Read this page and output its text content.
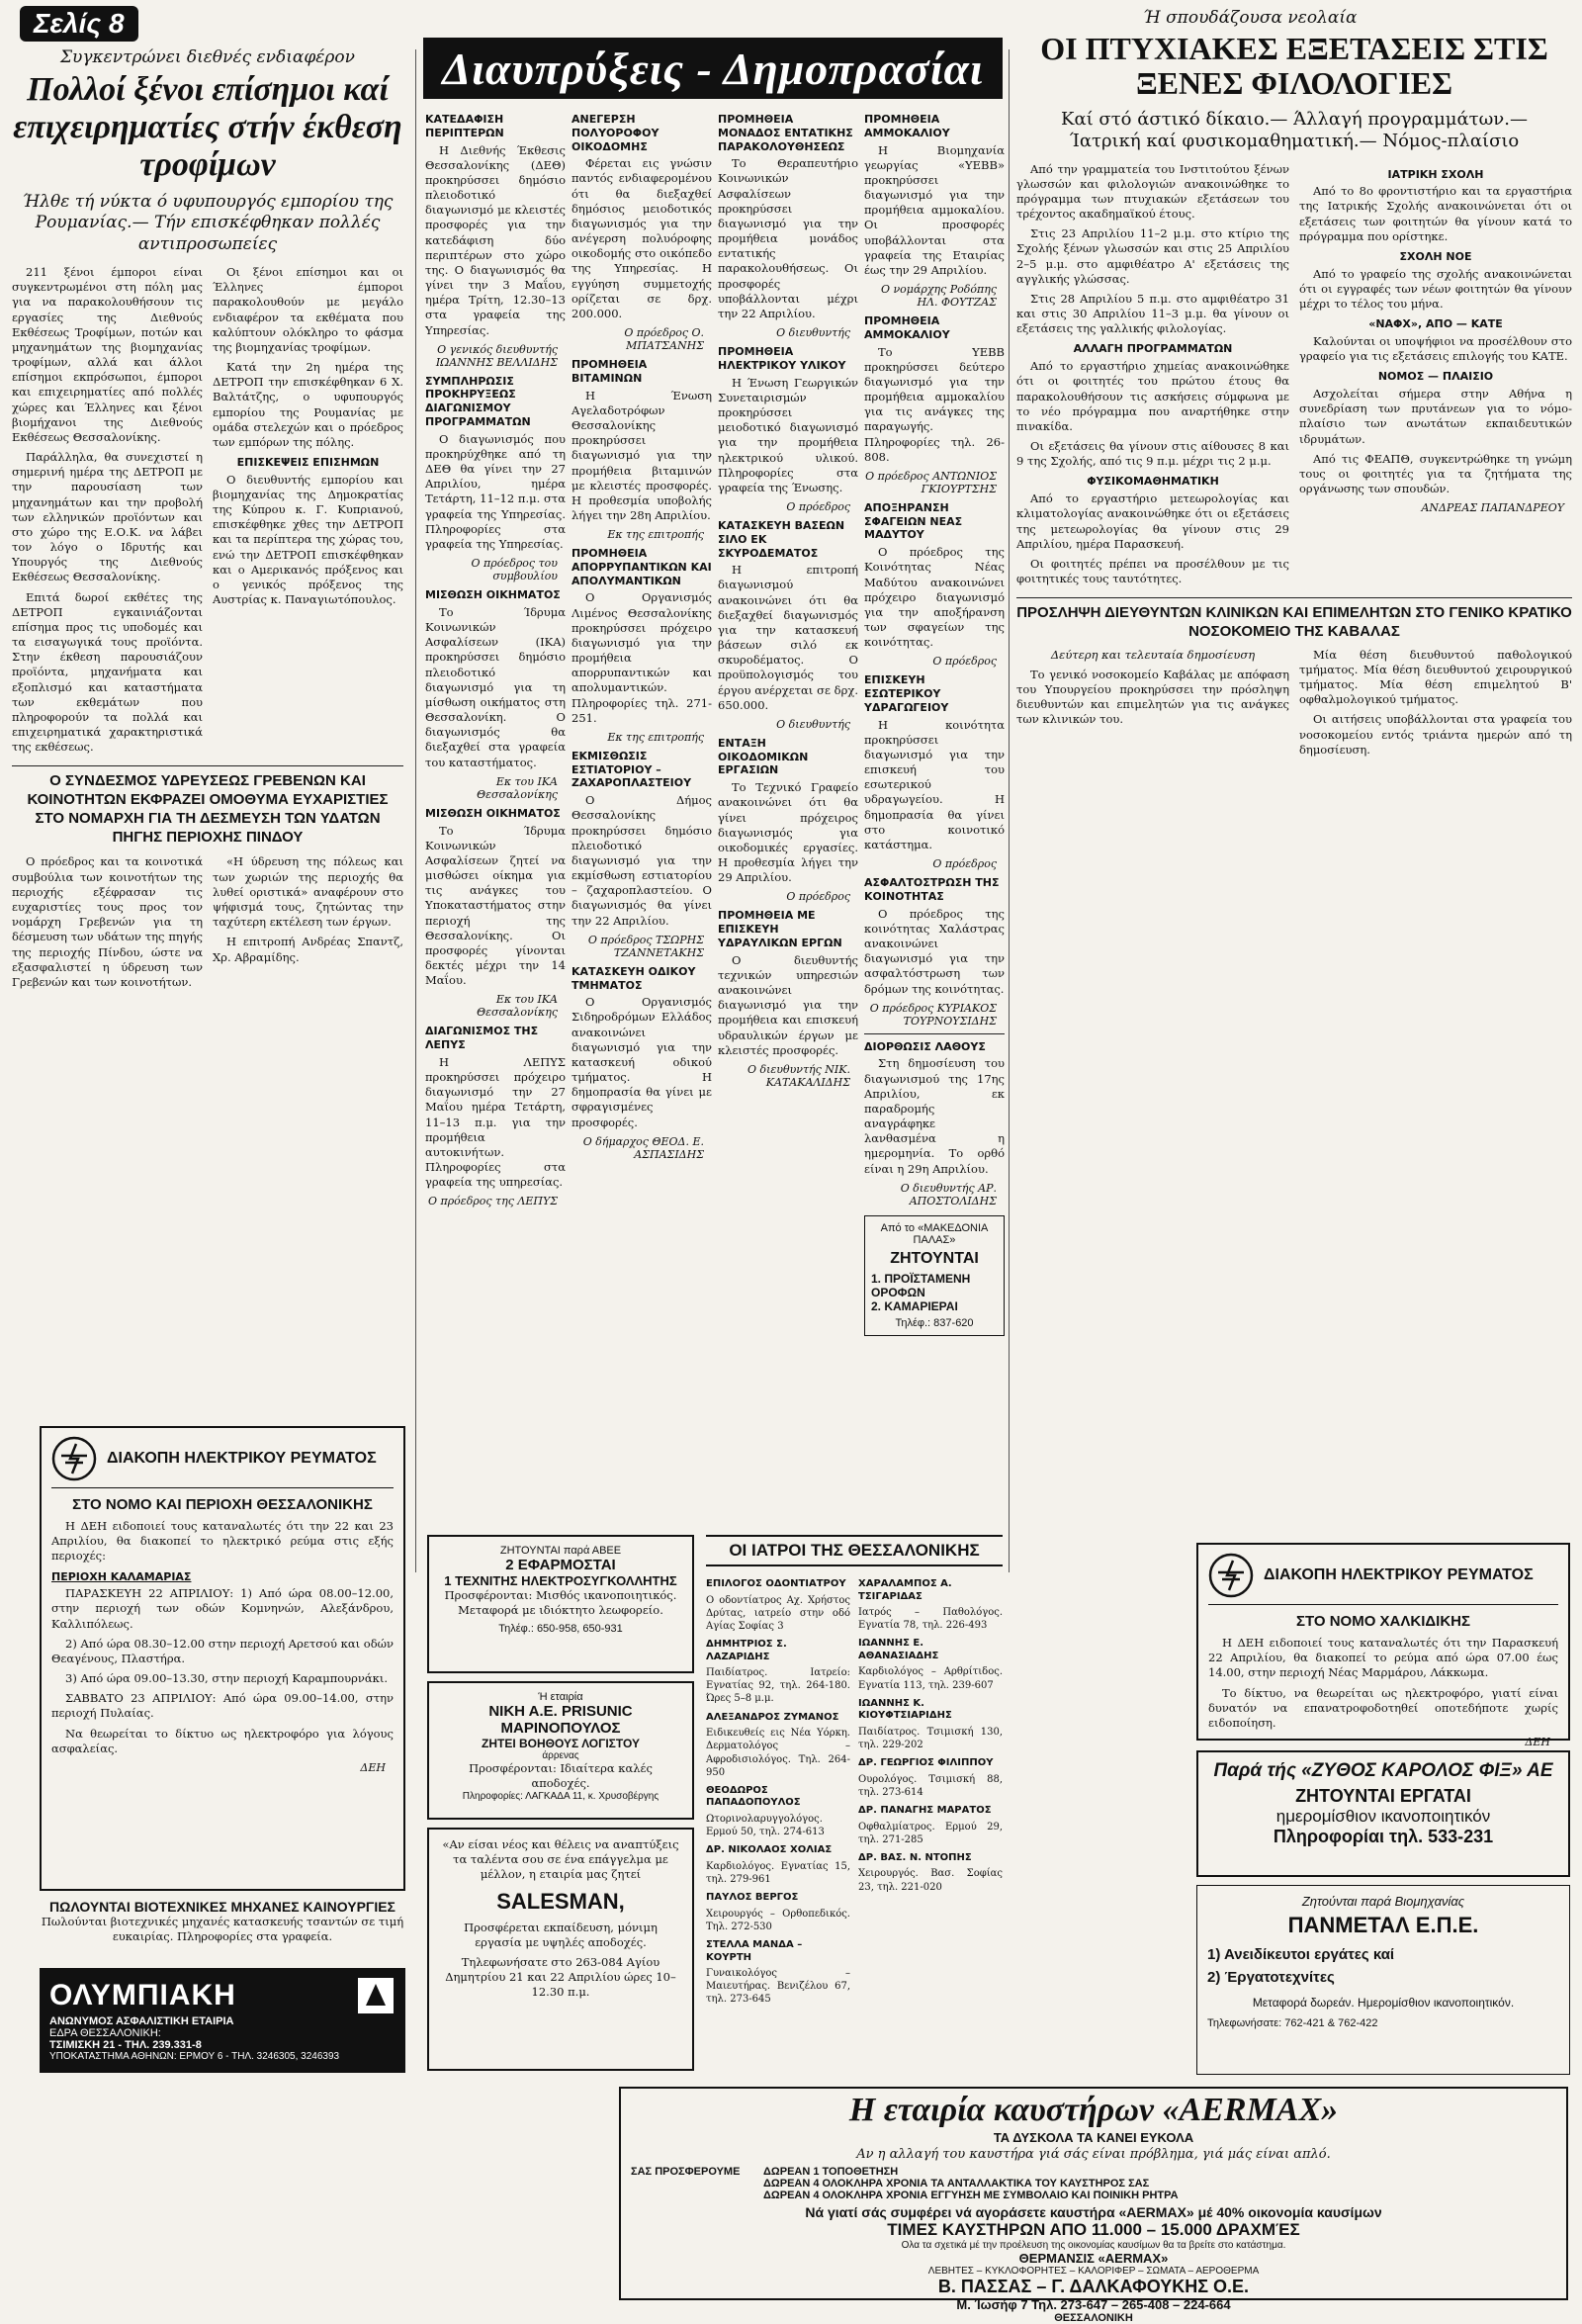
Σελίς 8
Συγκεντρώνει διεθνές ενδιαφέρον
Πολλοί ξένοι επίσημοι καί επιχειρηματίες στήν έκθεση τροφίμων
Ήλθε τή νύκτα ό υφυπουργός εμπορίου της Ρουμανίας.— Τήν επισκέφθηκαν πολλές αντιπροσωπείες

211 ξένοι έμποροι είναι συγκεντρωμένοι στη πόλη μας για να παρακολουθήσουν τις εργασίες της Διεθνούς Εκθέσεως Τροφίμων, ποτών και μηχανημάτων της βιομηχανίας τροφίμων, αλλά και άλλοι επίσημοι εκπρόσωποι, έμποροι και επιχειρηματίες από πολλές χώρες και Έλληνες και ξένοι βιομήχανοι της Διεθνούς Εκθέσεως Θεσσαλονίκης.

Παράλληλα, θα συνεχιστεί η σημερινή ημέρα της ΔΕΤΡΟΠ με την παρουσίαση των μηχανημάτων και την προβολή των ελληνικών προϊόντων και στο χώρο της Ε.Ο.Κ. να λάβει τον λόγο ο Ιδρυτής και Υπουργός της Διεθνούς Εκθέσεως Θεσσαλονίκης.

Επιτά δωροί εκθέτες της ΔΕΤΡΟΠ εγκαινιάζονται επίσημα προς τις υποδομές και τα εισαγωγικά τους προϊόντα. Στην έκθεση παρουσιάζουν προϊόντα, μηχανήματα και εξοπλισμό και καταστήματα των εκθεμάτων που πληροφορούν τα πολλά και επιχειρηματικά χαρακτηριστικά της εκθέσεως.

Οι ξένοι επίσημοι και οι Έλληνες έμποροι παρακολουθούν με μεγάλο ενδιαφέρον τα εκθέματα που καλύπτουν ολόκληρο το φάσμα της βιομηχανίας τροφίμων.

Κατά την 2η ημέρα της ΔΕΤΡΟΠ την επισκέφθηκαν 6 Χ. Βαλτάτζης, ο υφυπουργός εμπορίου της Ρουμανίας με ομάδα στελεχών και ο πρόεδρος των εμπόρων της πόλης.

ΕΠΙΣΚΕΨΕΙΣ ΕΠΙΣΗΜΩΝ

Ο διευθυντής εμπορίου και βιομηχανίας της Δημοκρατίας της Κύπρου κ. Γ. Κυπριανού, επισκέφθηκε χθες την ΔΕΤΡΟΠ και τα περίπτερα της χώρας του, ενώ την ΔΕΤΡΟΠ επισκέφθηκαν και ο Αμερικανός πρόξενος και ο γενικός πρόξενος της Αυστρίας κ. Παναγιωτόπουλος.

Ο ΣΥΝΔΕΣΜΟΣ ΥΔΡΕΥΣΕΩΣ ΓΡΕΒΕΝΩΝ ΚΑΙ ΚΟΙΝΟΤΗΤΩΝ ΕΚΦΡΑΖΕΙ ΟΜΟΘΥΜΑ ΕΥΧΑΡΙΣΤΙΕΣ ΣΤΟ ΝΟΜΑΡΧΗ ΓΙΑ ΤΗ ΔΕΣΜΕΥΣΗ ΤΩΝ ΥΔΑΤΩΝ ΠΗΓΗΣ ΠΕΡΙΟΧΗΣ ΠΙΝΔΟΥ

Ο πρόεδρος και τα κοινοτικά συμβούλια των κοινοτήτων της περιοχής εξέφρασαν τις ευχαριστίες τους προς τον νομάρχη Γρεβενών για τη δέσμευση των υδάτων της πηγής της περιοχής Πίνδου, ώστε να εξασφαλιστεί η ύδρευση των Γρεβενών και των κοινοτήτων.

«Η ύδρευση της πόλεως και των χωριών της περιοχής θα λυθεί οριστικά» αναφέρουν στο ψήφισμά τους, ζητώντας την ταχύτερη εκτέλεση των έργων.

Η επιτροπή Ανδρέας Σπαντζ, Χρ. Αβραμίδης.

Διαυπρύξεις - Δημοπρασίαι
ΚΑΤΕΔΑΦΙΣΗ ΠΕΡΙΠΤΕΡΩΝ

Η Διεθνής Έκθεσις Θεσσαλονίκης (ΔΕΘ) προκηρύσσει δημόσιο πλειοδοτικό διαγωνισμό με κλειστές προσφορές για την κατεδάφιση δύο περιπτέρων στο χώρο της. Ο διαγωνισμός θα γίνει την 3 Μαΐου, ημέρα Τρίτη, 12.30–13 στα γραφεία της Υπηρεσίας.

Ο γενικός διευθυντής ΙΩΑΝΝΗΣ ΒΕΛΛΙΔΗΣ
ΣΥΜΠΛΗΡΩΣΙΣ ΠΡΟΚΗΡΥΞΕΩΣ ΔΙΑΓΩΝΙΣΜΟΥ ΠΡΟΓΡΑΜΜΑΤΩΝ

Ο διαγωνισμός που προκηρύχθηκε από τη ΔΕΘ θα γίνει την 27 Απριλίου, ημέρα Τετάρτη, 11–12 π.μ. στα γραφεία της Υπηρεσίας. Πληροφορίες στα γραφεία της Υπηρεσίας.

Ο πρόεδρος του συμβουλίου
ΜΙΣΘΩΣΗ ΟΙΚΗΜΑΤΟΣ

Το Ίδρυμα Κοινωνικών Ασφαλίσεων (ΙΚΑ) προκηρύσσει δημόσιο πλειοδοτικό διαγωνισμό για τη μίσθωση οικήματος στη Θεσσαλονίκη. Ο διαγωνισμός θα διεξαχθεί στα γραφεία του καταστήματος.

Εκ του ΙΚΑ Θεσσαλονίκης
ΜΙΣΘΩΣΗ ΟΙΚΗΜΑΤΟΣ

Το Ίδρυμα Κοινωνικών Ασφαλίσεων ζητεί να μισθώσει οίκημα για τις ανάγκες του Υποκαταστήματος στην περιοχή της Θεσσαλονίκης. Οι προσφορές γίνονται δεκτές μέχρι την 14 Μαΐου.

Εκ του ΙΚΑ Θεσσαλονίκης
ΔΙΑΓΩΝΙΣΜΟΣ ΤΗΣ ΛΕΠΥΣ

Η ΛΕΠΥΣ προκηρύσσει πρόχειρο διαγωνισμό την 27 Μαΐου ημέρα Τετάρτη, 11–13 π.μ. για την προμήθεια αυτοκινήτων. Πληροφορίες στα γραφεία της υπηρεσίας.

Ο πρόεδρος της ΛΕΠΥΣ
ΑΝΕΓΕΡΣΗ ΠΟΛΥΟΡΟΦΟΥ ΟΙΚΟΔΟΜΗΣ

Φέρεται εις γνώσιν παντός ενδιαφερομένου ότι θα διεξαχθεί δημόσιος μειοδοτικός διαγωνισμός για την ανέγερση πολυόροφης οικοδομής στο οικόπεδο της Υπηρεσίας. Η εγγύηση συμμετοχής ορίζεται σε δρχ. 200.000.

Ο πρόεδρος Ο. ΜΠΑΤΣΑΝΗΣ
ΠΡΟΜΗΘΕΙΑ ΒΙΤΑΜΙΝΩΝ

Η Ένωση Αγελαδοτρόφων Θεσσαλονίκης προκηρύσσει διαγωνισμό για την προμήθεια βιταμινών με κλειστές προσφορές. Η προθεσμία υποβολής λήγει την 28η Απριλίου.

Εκ της επιτροπής
ΠΡΟΜΗΘΕΙΑ ΑΠΟΡΡΥΠΑΝΤΙΚΩΝ ΚΑΙ ΑΠΟΛΥΜΑΝΤΙΚΩΝ

Ο Οργανισμός Λιμένος Θεσσαλονίκης προκηρύσσει πρόχειρο διαγωνισμό για την προμήθεια απορρυπαντικών και απολυμαντικών. Πληροφορίες τηλ. 271-251.

Εκ της επιτροπής
ΕΚΜΙΣΘΩΣΙΣ ΕΣΤΙΑΤΟΡΙΟΥ – ΖΑΧΑΡΟΠΛΑΣΤΕΙΟΥ

Ο Δήμος Θεσσαλονίκης προκηρύσσει δημόσιο πλειοδοτικό διαγωνισμό για την εκμίσθωση εστιατορίου – ζαχαροπλαστείου. Ο διαγωνισμός θα γίνει την 22 Απριλίου.

Ο πρόεδρος ΤΣΩΡΗΣ ΤΖΑΝΝΕΤΑΚΗΣ
ΚΑΤΑΣΚΕΥΗ ΟΔΙΚΟΥ ΤΜΗΜΑΤΟΣ

Ο Οργανισμός Σιδηροδρόμων Ελλάδος ανακοινώνει διαγωνισμό για την κατασκευή οδικού τμήματος. Η δημοπρασία θα γίνει με σφραγισμένες προσφορές.

Ο δήμαρχος ΘΕΟΔ. Ε. ΑΣΠΑΣΙΔΗΣ
ΠΡΟΜΗΘΕΙΑ ΜΟΝΑΔΟΣ ΕΝΤΑΤΙΚΗΣ ΠΑΡΑΚΟΛΟΥΘΗΣΕΩΣ

Το Θεραπευτήριο Κοινωνικών Ασφαλίσεων προκηρύσσει διαγωνισμό για την προμήθεια μονάδος εντατικής παρακολουθήσεως. Οι προσφορές υποβάλλονται μέχρι την 22 Απριλίου.

Ο διευθυντής
ΠΡΟΜΗΘΕΙΑ ΗΛΕΚΤΡΙΚΟΥ ΥΛΙΚΟΥ

Η Ένωση Γεωργικών Συνεταιρισμών προκηρύσσει μειοδοτικό διαγωνισμό για την προμήθεια ηλεκτρικού υλικού. Πληροφορίες στα γραφεία της Ένωσης.

Ο πρόεδρος
ΚΑΤΑΣΚΕΥΗ ΒΑΣΕΩΝ ΣΙΛΟ ΕΚ ΣΚΥΡΟΔΕΜΑΤΟΣ

Η επιτροπή διαγωνισμού ανακοινώνει ότι θα διεξαχθεί διαγωνισμός για την κατασκευή βάσεων σιλό εκ σκυροδέματος. Ο προϋπολογισμός του έργου ανέρχεται σε δρχ. 650.000.

Ο διευθυντής
ΕΝΤΑΞΗ ΟΙΚΟΔΟΜΙΚΩΝ ΕΡΓΑΣΙΩΝ

Το Τεχνικό Γραφείο ανακοινώνει ότι θα γίνει πρόχειρος διαγωνισμός για οικοδομικές εργασίες. Η προθεσμία λήγει την 29 Απριλίου.

Ο πρόεδρος
ΠΡΟΜΗΘΕΙΑ ΜΕ ΕΠΙΣΚΕΥΗ ΥΔΡΑΥΛΙΚΩΝ ΕΡΓΩΝ

Ο διευθυντής τεχνικών υπηρεσιών ανακοινώνει διαγωνισμό για την προμήθεια και επισκευή υδραυλικών έργων με κλειστές προσφορές.

Ο διευθυντής ΝΙΚ. ΚΑΤΑΚΑΛΙΔΗΣ
ΠΡΟΜΗΘΕΙΑ ΑΜΜΟΚΑΛΙΟΥ

Η Βιομηχανία γεωργίας «ΥΕΒΒ» προκηρύσσει διαγωνισμό για την προμήθεια αμμοκαλίου. Οι προσφορές υποβάλλονται στα γραφεία της Εταιρίας έως την 29 Απριλίου.

Ο νομάρχης Ροδόπης ΗΛ. ΦΟΥΤΖΑΣ
ΠΡΟΜΗΘΕΙΑ ΑΜΜΟΚΑΛΙΟΥ

Το ΥΕΒΒ προκηρύσσει δεύτερο διαγωνισμό για την προμήθεια αμμοκαλίου για τις ανάγκες της παραγωγής. Πληροφορίες τηλ. 26-808.

Ο πρόεδρος ΑΝΤΩΝΙΟΣ ΓΚΙΟΥΡΤΣΗΣ
ΑΠΟΞΗΡΑΝΣΗ ΣΦΑΓΕΙΩΝ ΝΕΑΣ ΜΑΔΥΤΟΥ

Ο πρόεδρος της Κοινότητας Νέας Μαδύτου ανακοινώνει πρόχειρο διαγωνισμό για την αποξήρανση των σφαγείων της κοινότητας.

Ο πρόεδρος
ΕΠΙΣΚΕΥΗ ΕΣΩΤΕΡΙΚΟΥ ΥΔΡΑΓΩΓΕΙΟΥ

Η κοινότητα προκηρύσσει διαγωνισμό για την επισκευή του εσωτερικού υδραγωγείου. Η δημοπρασία θα γίνει στο κοινοτικό κατάστημα.

Ο πρόεδρος
ΑΣΦΑΛΤΟΣΤΡΩΣΗ ΤΗΣ ΚΟΙΝΟΤΗΤΑΣ

Ο πρόεδρος της κοινότητας Χαλάστρας ανακοινώνει διαγωνισμό για την ασφαλτόστρωση των δρόμων της κοινότητας.

Ο πρόεδρος ΚΥΡΙΑΚΟΣ ΤΟΥΡΝΟΥΣΙΔΗΣ
ΔΙΟΡΘΩΣΙΣ ΛΑΘΟΥΣ

Στη δημοσίευση του διαγωνισμού της 17ης Απριλίου, εκ παραδρομής αναγράφηκε λανθασμένα η ημερομηνία. Το ορθό είναι η 29η Απριλίου.

Ο διευθυντής ΑΡ. ΑΠΟΣΤΟΛΙΔΗΣ
Από το «ΜΑΚΕΔΟΝΙΑ ΠΑΛΑΣ»
ΖΗΤΟΥΝΤΑΙ
1. ΠΡΟΪΣΤΑΜΕΝΗ ΟΡΟΦΩΝ
2. ΚΑΜΑΡΙΕΡΑΙ
Τηλέφ.: 837-620
Ή σπουδάζουσα νεολαία
ΟΙ ΠΤΥΧΙΑΚΕΣ ΕΞΕΤΑΣΕΙΣ ΣΤΙΣ ΞΕΝΕΣ ΦΙΛΟΛΟΓΙΕΣ
Καί στό άστικό δίκαιο.— Άλλαγή προγραμμάτων.— Ίατρική καί φυσικομαθηματική.— Νόμος-πλαίσιο

Από την γραμματεία του Ινστιτούτου ξένων γλωσσών και φιλολογιών ανακοινώθηκε το πρόγραμμα των πτυχιακών εξετάσεων του τρέχοντος ακαδημαϊκού έτους.

Στις 23 Απριλίου 11–2 μ.μ. στο κτίριο της Σχολής ξένων γλωσσών και στις 25 Απριλίου 2–5 μ.μ. στο αμφιθέατρο Α' εξετάσεις της αγγλικής γλώσσας.

Στις 28 Απριλίου 5 π.μ. στο αμφιθέατρο 31 και στις 30 Απριλίου 11–3 μ.μ. θα γίνουν οι εξετάσεις της γαλλικής φιλολογίας.

ΑΛΛΑΓΗ ΠΡΟΓΡΑΜΜΑΤΩΝ

Από το εργαστήριο χημείας ανακοινώθηκε ότι οι φοιτητές του πρώτου έτους θα παρακολουθήσουν τις ασκήσεις σύμφωνα με το νέο πρόγραμμα που αναρτήθηκε στην πινακίδα.

Οι εξετάσεις θα γίνουν στις αίθουσες 8 και 9 της Σχολής, από τις 9 π.μ. μέχρι τις 2 μ.μ.

ΦΥΣΙΚΟΜΑΘΗΜΑΤΙΚΗ

Από το εργαστήριο μετεωρολογίας και κλιματολογίας ανακοινώθηκε ότι οι εξετάσεις της μετεωρολογίας θα γίνουν στις 29 Απριλίου, ημέρα Παρασκευή.

Οι φοιτητές πρέπει να προσέλθουν με τις φοιτητικές τους ταυτότητες.

ΙΑΤΡΙΚΗ ΣΧΟΛΗ

Από το 8ο φροντιστήριο και τα εργαστήρια της Ιατρικής Σχολής ανακοινώνεται ότι οι εξετάσεις των φοιτητών θα γίνουν κατά το πρόγραμμα που ορίστηκε.

ΣΧΟΛΗ ΝΟΕ

Από το γραφείο της σχολής ανακοινώνεται ότι οι εγγραφές των νέων φοιτητών θα γίνουν μέχρι το τέλος του μήνα.

«ΝΑΦΧ», ΑΠΟ — ΚΑΤΕ

Καλούνται οι υποψήφιοι να προσέλθουν στο γραφείο για τις εξετάσεις επιλογής του ΚΑΤΕ.

ΝΟΜΟΣ — ΠΛΑΙΣΙΟ

Ασχολείται σήμερα στην Αθήνα η συνεδρίαση των πρυτάνεων για το νόμο-πλαίσιο των ανωτάτων εκπαιδευτικών ιδρυμάτων.

Από τις ΦΕΑΠΘ, συγκεντρώθηκε τη γνώμη τους οι φοιτητές για τα ζητήματα της οργάνωσης των σπουδών.

ΑΝΔΡΕΑΣ ΠΑΠΑΝΔΡΕΟΥ
ΠΡΟΣΛΗΨΗ ΔΙΕΥΘΥΝΤΩΝ ΚΛΙΝΙΚΩΝ ΚΑΙ ΕΠΙΜΕΛΗΤΩΝ ΣΤΟ ΓΕΝΙΚΟ ΚΡΑΤΙΚΟ ΝΟΣΟΚΟΜΕΙΟ ΤΗΣ ΚΑΒΑΛΑΣ

Δεύτερη και τελευταία δημοσίευση

Το γενικό νοσοκομείο Καβάλας με απόφαση του Υπουργείου προκηρύσσει την πρόσληψη διευθυντών και επιμελητών για τις ανάγκες των κλινικών του.

Μία θέση διευθυντού παθολογικού τμήματος. Μία θέση διευθυντού χειρουργικού τμήματος. Μία θέση επιμελητού Β' οφθαλμολογικού τμήματος.

Οι αιτήσεις υποβάλλονται στα γραφεία του νοσοκομείου εντός τριάντα ημερών από τη δημοσίευση.

ΔΙΑΚΟΠΗ ΗΛΕΚΤΡΙΚΟΥ ΡΕΥΜΑΤΟΣ
ΣΤΟ ΝΟΜΟ ΚΑΙ ΠΕΡΙΟΧΗ ΘΕΣΣΑΛΟΝΙΚΗΣ

Η ΔΕΗ ειδοποιεί τους καταναλωτές ότι την 22 και 23 Απριλίου, θα διακοπεί το ηλεκτρικό ρεύμα στις εξής περιοχές:

ΠΕΡΙΟΧΗ ΚΑΛΑΜΑΡΙΑΣ

ΠΑΡΑΣΚΕΥΗ 22 ΑΠΡΙΛΙΟΥ: 1) Από ώρα 08.00–12.00, στην περιοχή των οδών Κομνηνών, Αλεξάνδρου, Καλλιπόλεως.

2) Από ώρα 08.30–12.00 στην περιοχή Αρετσού και οδών Θεαγένους, Πλαστήρα.

3) Από ώρα 09.00–13.30, στην περιοχή Καραμπουρνάκι.

ΣΑΒΒΑΤΟ 23 ΑΠΡΙΛΙΟΥ: Από ώρα 09.00–14.00, στην περιοχή Πυλαίας.

Να θεωρείται το δίκτυο ως ηλεκτροφόρο για λόγους ασφαλείας.

ΔΕΗ
ΠΩΛΟΥΝΤΑΙ ΒΙΟΤΕΧΝΙΚΕΣ ΜΗΧΑΝΕΣ ΚΑΙΝΟΥΡΓΙΕΣ

Πωλούνται βιοτεχνικές μηχανές κατασκευής τσαντών σε τιμή ευκαιρίας. Πληροφορίες στα γραφεία.

ΟΛΥΜΠΙΑΚΗ
ΑΝΩΝΥΜΟΣ ΑΣΦΑΛΙΣΤΙΚΗ ΕΤΑΙΡΙΑ
ΕΔΡΑ ΘΕΣΣΑΛΟΝΙΚΗ:
ΤΣΙΜΙΣΚΗ 21 - ΤΗΛ. 239.331-8
ΥΠΟΚΑΤΑΣΤΗΜΑ ΑΘΗΝΩΝ: ΕΡΜΟΥ 6 - ΤΗΛ. 3246305, 3246393
ΖΗΤΟΥΝΤΑΙ παρά ΑΒΕΕ
2 ΕΦΑΡΜΟΣΤΑΙ
1 ΤΕΧΝΙΤΗΣ ΗΛΕΚΤΡΟΣΥΓΚΟΛΛΗΤΗΣ
Προσφέρονται: Μισθός ικανοποιητικός. Μεταφορά με ιδιόκτητο λεωφορείο.
Τηλέφ.: 650-958, 650-931
Ή εταιρία
ΝΙΚΗ Α.Ε. PRISUNIC
ΜΑΡΙΝΟΠΟΥΛΟΣ
ΖΗΤΕΙ ΒΟΗΘΟΥΣ ΛΟΓΙΣΤΟΥ
άρρενας
Προσφέρονται: Ιδιαίτερα καλές αποδοχές.
Πληροφορίες: ΛΑΓΚΑΔΑ 11, κ. Χρυσοβέργης

«Αν είσαι νέος και θέλεις να αναπτύξεις τα ταλέντα σου σε ένα επάγγελμα με μέλλον, η εταιρία μας ζητεί

SALESMAN,

Προσφέρεται εκπαίδευση, μόνιμη εργασία με υψηλές αποδοχές.

Τηλεφωνήσατε στο 263-084 Αγίου Δημητρίου 21 και 22 Απριλίου ώρες 10–12.30 π.μ.

ΟΙ ΙΑΤΡΟΙ ΤΗΣ ΘΕΣΣΑΛΟΝΙΚΗΣ
ΕΠΙΛΟΓΟΣ ΟΔΟΝΤΙΑΤΡΟΥ

Ο οδοντίατρος Αχ. Χρήστος Δρύτας, ιατρείο στην οδό Αγίας Σοφίας 3

ΔΗΜΗΤΡΙΟΣ Σ. ΛΑΖΑΡΙΔΗΣ

Παιδίατρος. Ιατρείο: Εγνατίας 92, τηλ. 264-180. Ώρες 5–8 μ.μ.

ΑΛΕΞΑΝΔΡΟΣ ΖΥΜΑΝΟΣ

Ειδικευθείς εις Νέα Υόρκη. Δερματολόγος – Αφροδισιολόγος. Τηλ. 264-950

ΘΕΟΔΩΡΟΣ ΠΑΠΑΔΟΠΟΥΛΟΣ

Ωτορινολαρυγγολόγος. Ερμού 50, τηλ. 274-613

ΔΡ. ΝΙΚΟΛΑΟΣ ΧΟΛΙΑΣ

Καρδιολόγος. Εγνατίας 15, τηλ. 279-961

ΠΑΥΛΟΣ ΒΕΡΓΟΣ

Χειρουργός – Ορθοπεδικός. Τηλ. 272-530

ΣΤΕΛΛΑ ΜΑΝΔΑ – ΚΟΥΡΤΗ

Γυναικολόγος – Μαιευτήρας. Βενιζέλου 67, τηλ. 273-645

ΧΑΡΑΛΑΜΠΟΣ Α. ΤΣΙΓΑΡΙΔΑΣ

Ιατρός – Παθολόγος. Εγνατία 78, τηλ. 226-493

ΙΩΑΝΝΗΣ Ε. ΑΘΑΝΑΣΙΑΔΗΣ

Καρδιολόγος – Αρθρίτιδος. Εγνατία 113, τηλ. 239-607

ΙΩΑΝΝΗΣ Κ. ΚΙΟΥΦΤΣΙΑΡΙΔΗΣ

Παιδίατρος. Τσιμισκή 130, τηλ. 229-202

ΔΡ. ΓΕΩΡΓΙΟΣ ΦΙΛΙΠΠΟΥ

Ουρολόγος. Τσιμισκή 88, τηλ. 273-614

ΔΡ. ΠΑΝΑΓΗΣ ΜΑΡΑΤΟΣ

Οφθαλμίατρος. Ερμού 29, τηλ. 271-285

ΔΡ. ΒΑΣ. Ν. ΝΤΟΠΗΣ

Χειρουργός. Βασ. Σοφίας 23, τηλ. 221-020

ΔΙΑΚΟΠΗ ΗΛΕΚΤΡΙΚΟΥ ΡΕΥΜΑΤΟΣ
ΣΤΟ ΝΟΜΟ ΧΑΛΚΙΔΙΚΗΣ

Η ΔΕΗ ειδοποιεί τους καταναλωτές ότι την Παρασκευή 22 Απριλίου, θα διακοπεί το ρεύμα από ώρα 07.00 έως 14.00, στην περιοχή Νέας Μαρμάρου, Λάκκωμα.

Το δίκτυο, να θεωρείται ως ηλεκτροφόρο, γιατί είναι δυνατόν να επανατροφοδοτηθεί οποτεδήποτε χωρίς ειδοποίηση.

ΔΕΗ
Παρά τής «ΖΥΘΟΣ ΚΑΡΟΛΟΣ ΦΙΞ» ΑΕ
ΖΗΤΟΥΝΤΑΙ ΕΡΓΑΤΑΙ
ημερομίσθιον ικανοποιητικόν
Πληροφορίαι τηλ. 533-231
Ζητούνται παρά Βιομηχανίας
ΠΑΝΜΕΤΑΛ Ε.Π.Ε.
1) Ανειδίκευτοι εργάτες καί
2) Έργατοτεχνίτες
Μεταφορά δωρεάν. Ημερομίσθιον ικανοποιητικόν.
Τηλεφωνήσατε: 762-421 & 762-422
Η εταιρία καυστήρων «AERMAX»
ΤΑ ΔΥΣΚΟΛΑ ΤΑ ΚΑΝΕΙ ΕΥΚΟΛΑ
Αν η αλλαγή του καυστήρα γιά σάς είναι πρόβλημα, γιά μάς είναι απλό.
ΣΑΣ ΠΡΟΣΦΕΡΟΥΜΕ	ΔΩΡΕΑΝ 1 ΤΟΠΟΘΕΤΗΣΗ
ΔΩΡΕΑΝ 4 ΟΛΟΚΛΗΡΑ ΧΡΟΝΙΑ ΤΑ ΑΝΤΑΛΛΑΚΤΙΚΑ ΤΟΥ ΚΑΥΣΤΗΡΟΣ ΣΑΣ
ΔΩΡΕΑΝ 4 ΟΛΟΚΛΗΡΑ ΧΡΟΝΙΑ ΕΓΓΥΗΣΗ ΜΕ ΣΥΜΒΟΛΑΙΟ ΚΑΙ ΠΟΙΝΙΚΗ ΡΗΤΡΑ
Νά γιατί σάς συμφέρει νά αγοράσετε καυστήρα «AERMAX» μέ 40% οικονομία καυσίμων
ΤΙΜΕΣ ΚΑΥΣΤΗΡΩΝ ΑΠΟ 11.000 – 15.000 ΔΡΑΧΜΈΣ
Ολα τα σχετικά μέ την προέλευση της οικονομίας καυσίμων θα τα βρείτε στο κατάστημα.
ΘΕΡΜΑΝΣΙΣ «AERMAX»
ΛΕΒΗΤΕΣ – ΚΥΚΛΟΦΟΡΗΤΕΣ – ΚΑΛΟΡΙΦΕΡ – ΣΩΜΑΤΑ – ΑΕΡΟΘΕΡΜΑ
Β. ΠΑΣΣΑΣ – Γ. ΔΑΛΚΑΦΟΥΚΗΣ Ο.Ε.
Μ. Ίωσήφ 7 Τηλ. 273-647 – 265-408 – 224-664
ΘΕΣΣΑΛΟΝΙΚΗ
